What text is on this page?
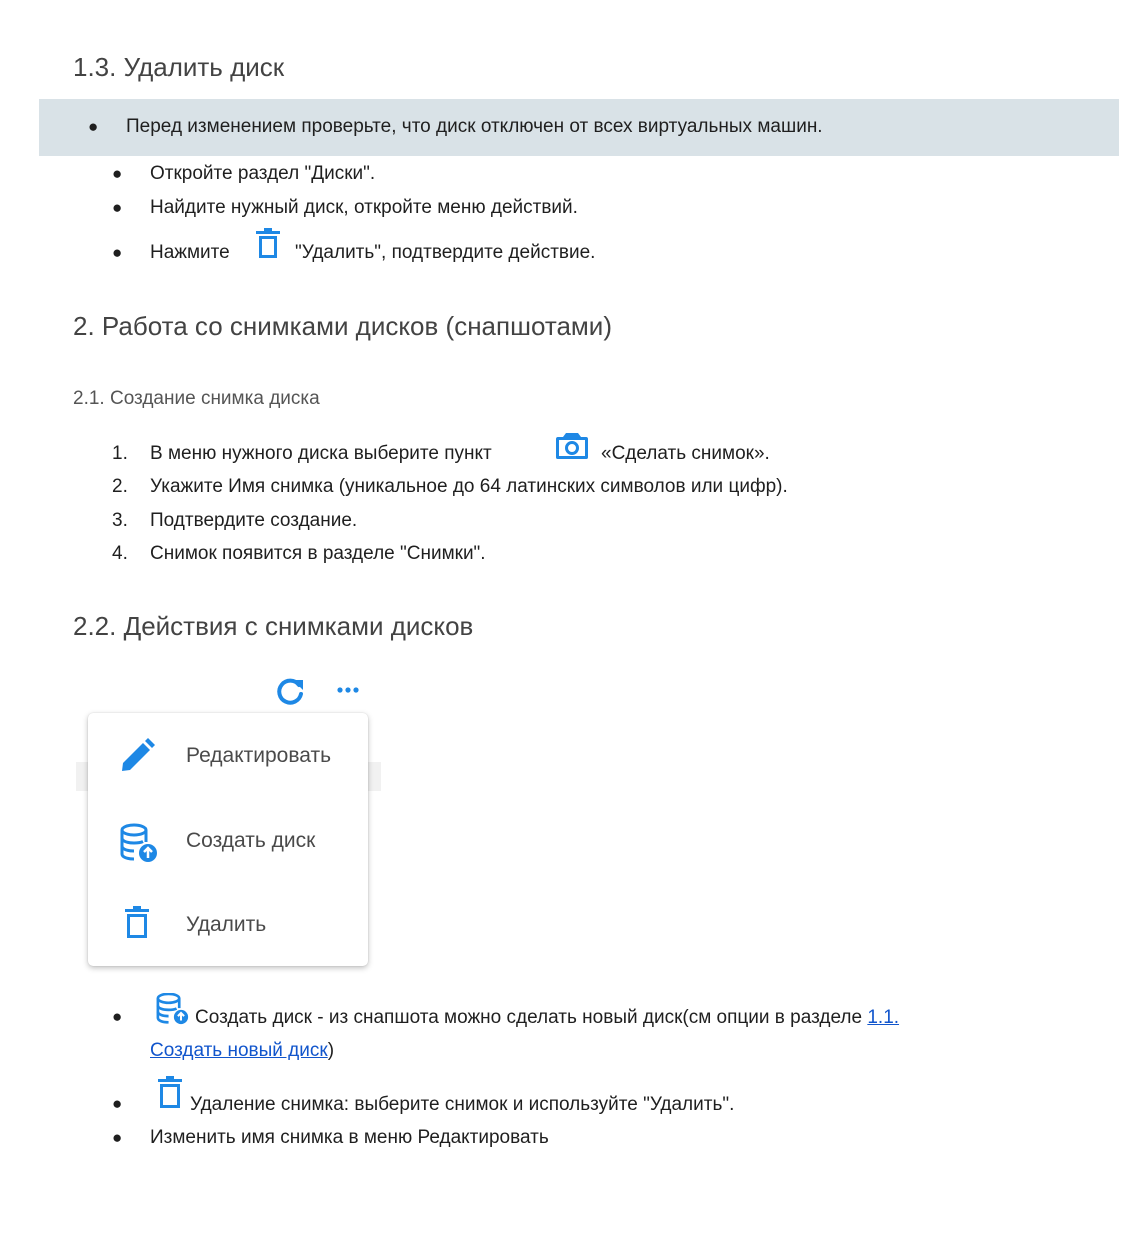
1.3. Удалить диск
● Перед изменением проверьте, что диск отключен от всех виртуальных машин.
● Откройте раздел "Диски".
● Найдите нужный диск, откройте меню действий.
● Нажмите	"Удалить", подтвердите действие.
2. Работа со снимками дисков (снапшотами)
2.1. Создание снимка диска
1. В меню нужного диска выберите пункт	«Сделать снимок».
2. Укажите Имя снимка (уникальное до 64 латинских символов или цифр).
3. Подтвердите создание.
4. Снимок появится в разделе "Снимки".
2.2. Действия с снимками дисков
Редактировать
Создать диск
Удалить
●	Создать диск - из снапшота можно сделать новый диск(см опции в разделе 1.1.
Создать новый диск)
●	Удаление снимка: выберите снимок и используйте "Удалить".
● Изменить имя снимка в меню Редактировать
